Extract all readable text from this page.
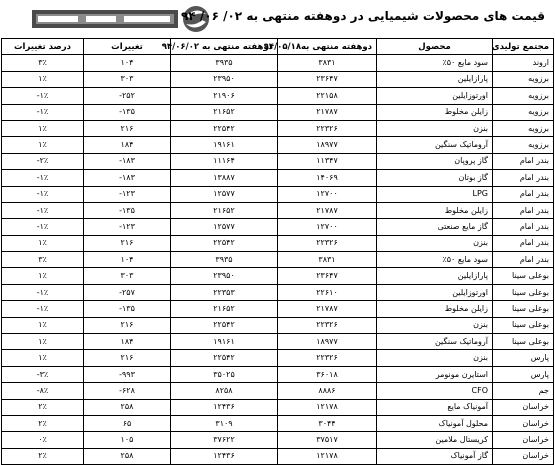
قیمت های محصولات شیمیایی در دوهفته منتهی به ۰۲/ ۰۶/ ۹۴
مجتمع تولیدی	محصول	دوهفته منتهی به۹۴/۰۵/۱۸	دوهفته منتهی به ۹۴/۰۶/۰۲	تغییرات	درصد تغییرات
اروند	سود مایع ۵۰٪	۳۸۳۱	۳۹۳۵	۱۰۴	۳٪
برزویه	پارازایلین	۲۳۶۴۷	۲۳۹۵۰	۳۰۳	۱٪
برزویه	اورتوزایلین	۲۲۱۵۸	۲۱۹۰۶	-۲۵۲	-۱٪
برزویه	زایلن مخلوط	۲۱۷۸۷	۲۱۶۵۲	-۱۳۵	-۱٪
برزویه	بنزن	۲۲۳۲۶	۲۲۵۴۲	۲۱۶	۱٪
برزویه	آروماتیک سنگین	۱۸۹۷۷	۱۹۱۶۱	۱۸۴	۱٪
بندر امام	گاز پروپان	۱۱۳۴۷	۱۱۱۶۴	-۱۸۳	-۲٪
بندر امام	گاز بوتان	۱۴۰۶۹	۱۳۸۸۷	-۱۸۳	-۱٪
بندر امام	LPG	۱۲۷۰۰	۱۲۵۷۷	-۱۲۳	-۱٪
بندر امام	زایلن مخلوط	۲۱۷۸۷	۲۱۶۵۲	-۱۳۵	-۱٪
بندر امام	گاز مایع صنعتی	۱۲۷۰۰	۱۲۵۷۷	-۱۲۳	-۱٪
بندر امام	بنزن	۲۲۳۲۶	۲۲۵۴۲	۲۱۶	۱٪
بندر امام	سود مایع ۵۰٪	۳۸۳۱	۳۹۳۵	۱۰۴	۳٪
بوعلی سینا	پارازایلین	۲۳۶۴۷	۲۳۹۵۰	۳۰۳	۱٪
بوعلی سینا	اورتوزایلین	۲۲۶۱۰	۲۲۳۵۳	-۲۵۷	-۱٪
بوعلی سینا	زایلن مخلوط	۲۱۷۸۷	۲۱۶۵۲	-۱۳۵	-۱٪
بوعلی سینا	بنزن	۲۲۳۲۶	۲۲۵۴۲	۲۱۶	۱٪
بوعلی سینا	آروماتیک سنگین	۱۸۹۷۷	۱۹۱۶۱	۱۸۴	۱٪
پارس	بنزن	۲۲۳۲۶	۲۲۵۴۲	۲۱۶	۱٪
پارس	استایرن مونومر	۳۶۰۱۸	۳۵۰۲۵	-۹۹۳	-۳٪
جم	CFO	۸۸۸۶	۸۲۵۸	-۶۲۸	-۸٪
خراسان	آمونیاک مایع	۱۲۱۷۸	۱۲۴۳۶	۲۵۸	۲٪
خراسان	محلول آمونیاک	۳۰۴۴	۳۱۰۹	۶۵	۲٪
خراسان	کریستال ملامین	۳۷۵۱۷	۳۷۶۲۲	۱۰۵	۰٪
خراسان	گاز آمونیاک	۱۲۱۷۸	۱۲۴۳۶	۲۵۸	۲٪
